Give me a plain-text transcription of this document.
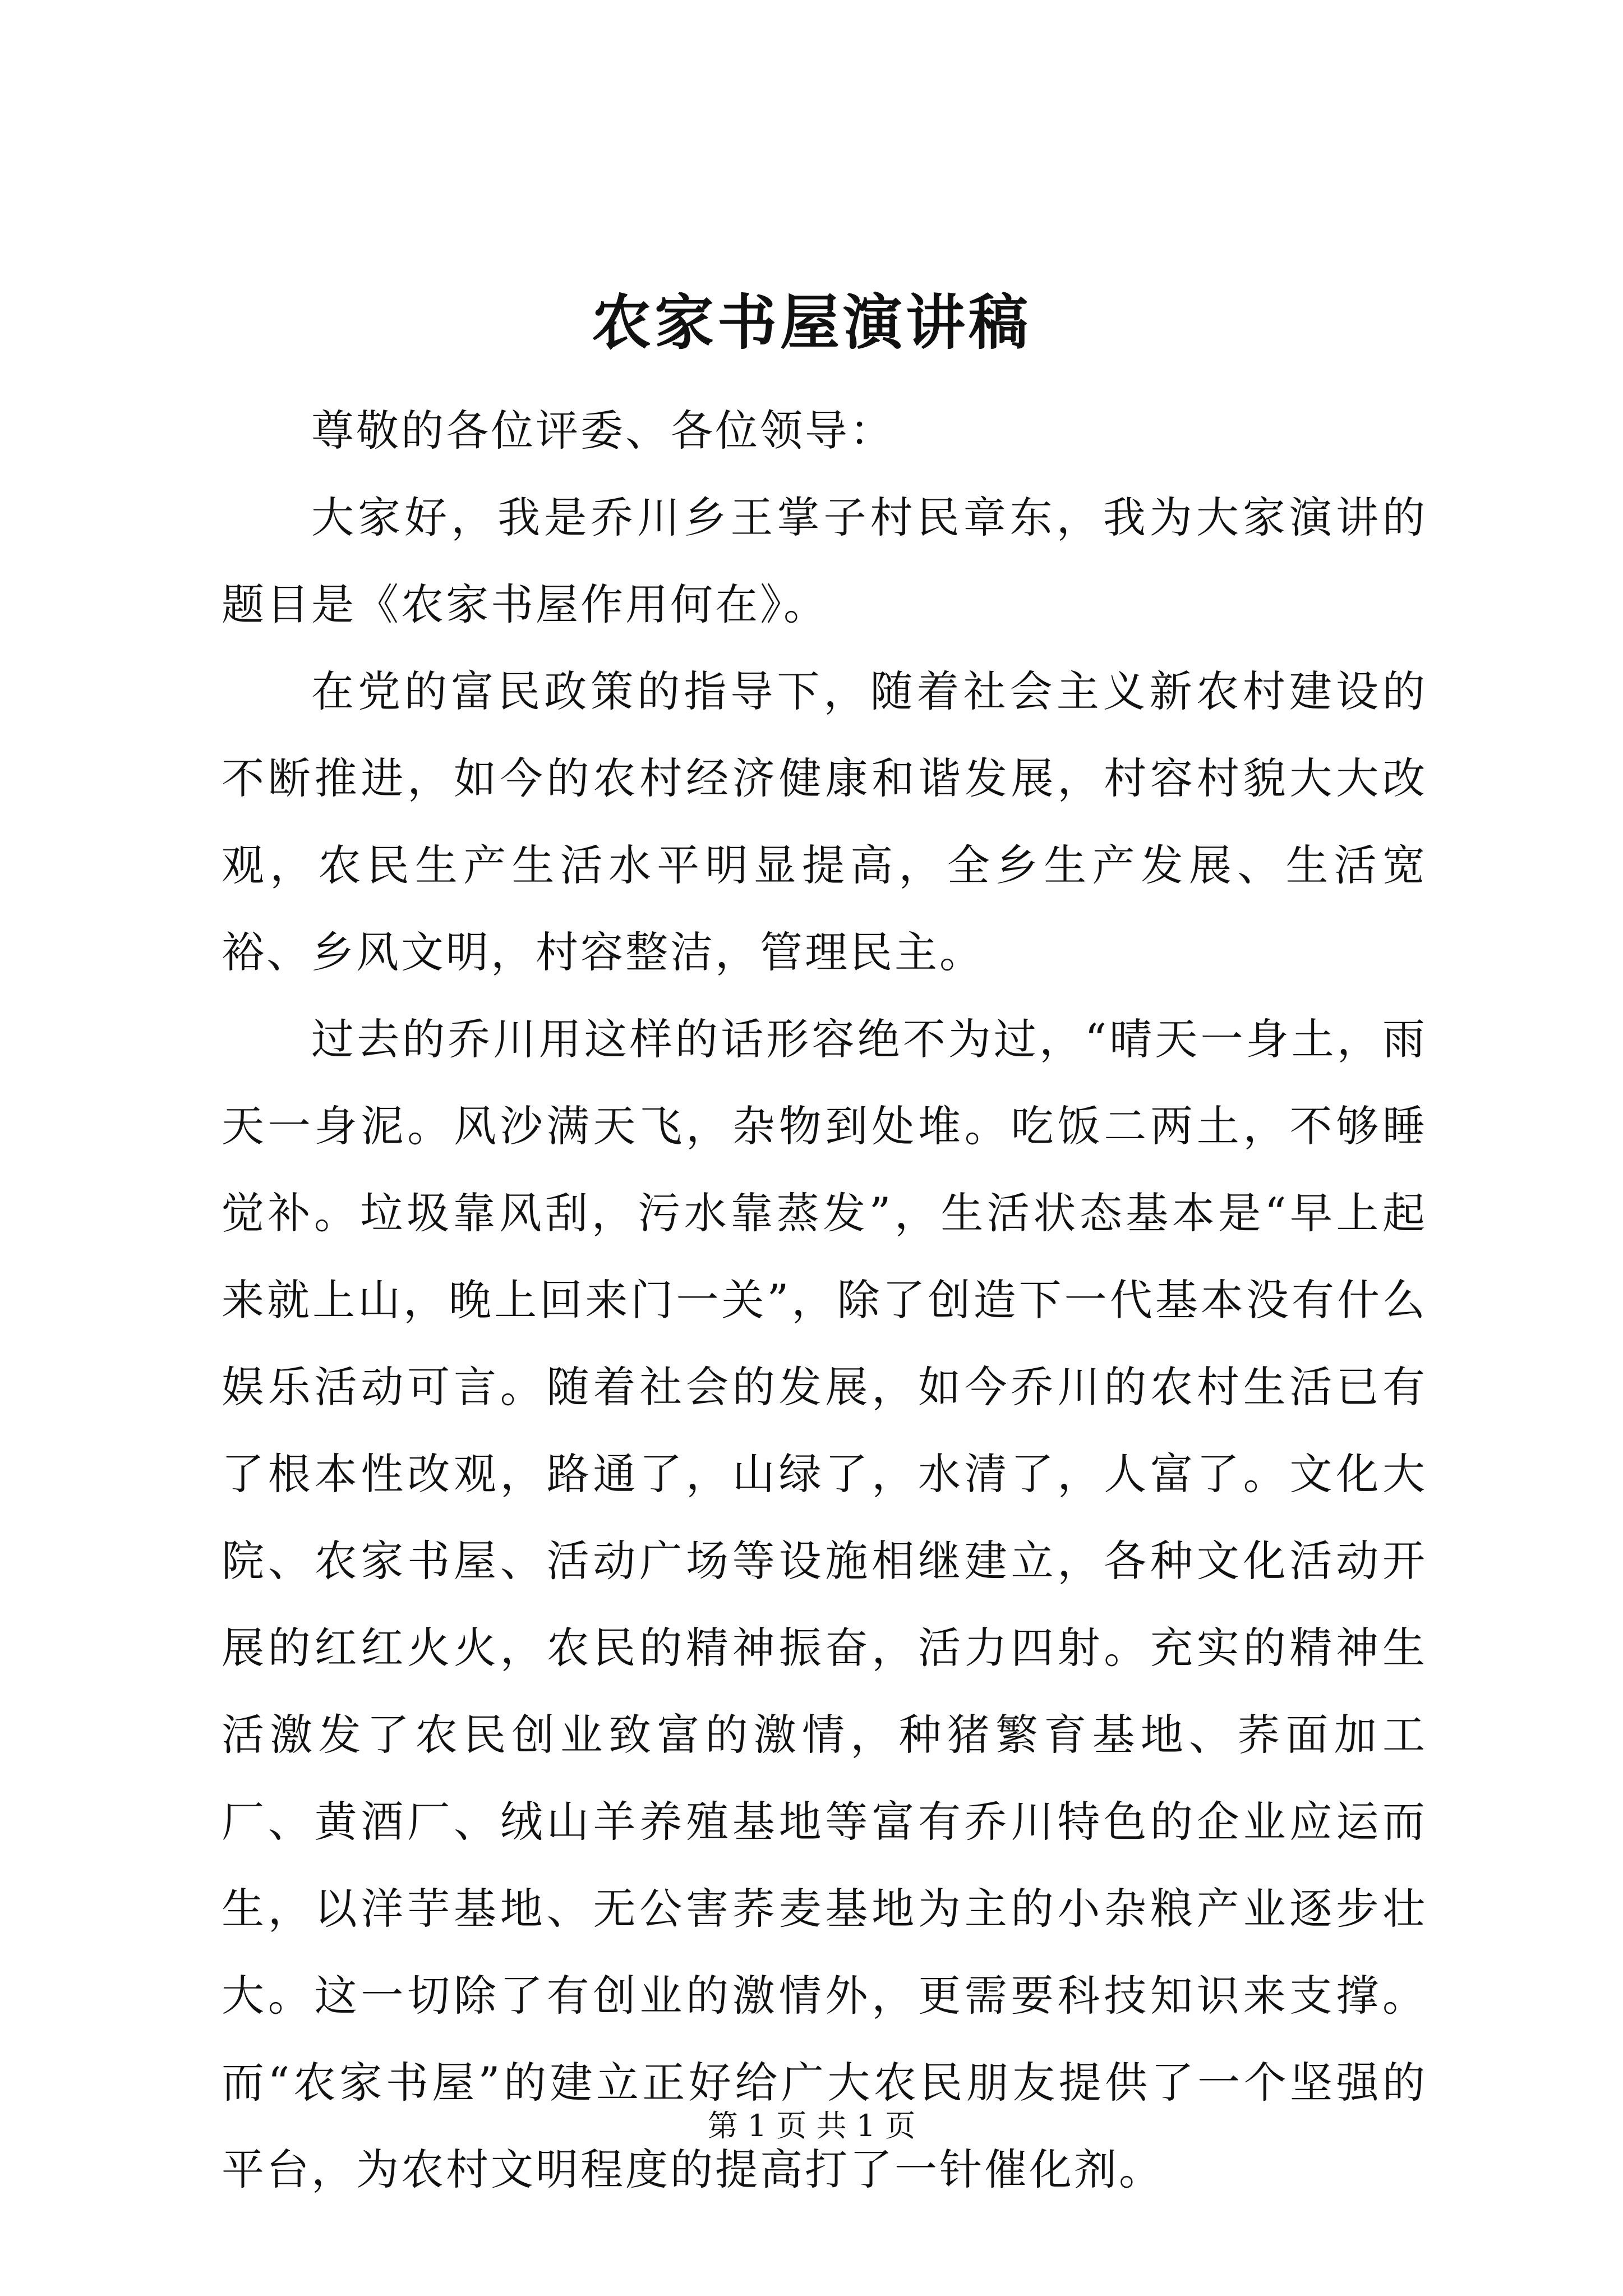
农家书屋演讲稿

尊敬的各位评委、各位领导：

大家好，我是乔川乡王掌子村民章东，我为大家演讲的题目是《农家书屋作用何在》。

在党的富民政策的指导下，随着社会主义新农村建设的不断推进，如今的农村经济健康和谐发展，村容村貌大大改观，农民生产生活水平明显提高，全乡生产发展、生活宽裕、乡风文明，村容整洁，管理民主。

过去的乔川用这样的话形容绝不为过，“晴天一身土，雨天一身泥。风沙满天飞，杂物到处堆。吃饭二两土，不够睡觉补。垃圾靠风刮，污水靠蒸发”，生活状态基本是“早上起来就上山，晚上回来门一关”，除了创造下一代基本没有什么娱乐活动可言。随着社会的发展，如今乔川的农村生活已有了根本性改观，路通了，山绿了，水清了，人富了。文化大院、农家书屋、活动广场等设施相继建立，各种文化活动开展的红红火火，农民的精神振奋，活力四射。充实的精神生活激发了农民创业致富的激情，种猪繁育基地、荞面加工厂、黄酒厂、绒山羊养殖基地等富有乔川特色的企业应运而生，以洋芋基地、无公害荞麦基地为主的小杂粮产业逐步壮大。这一切除了有创业的激情外，更需要科技知识来支撑。而“农家书屋”的建立正好给广大农民朋友提供了一个坚强的平台，为农村文明程度的提高打了一针催化剂。

第 1 页 共 1 页
